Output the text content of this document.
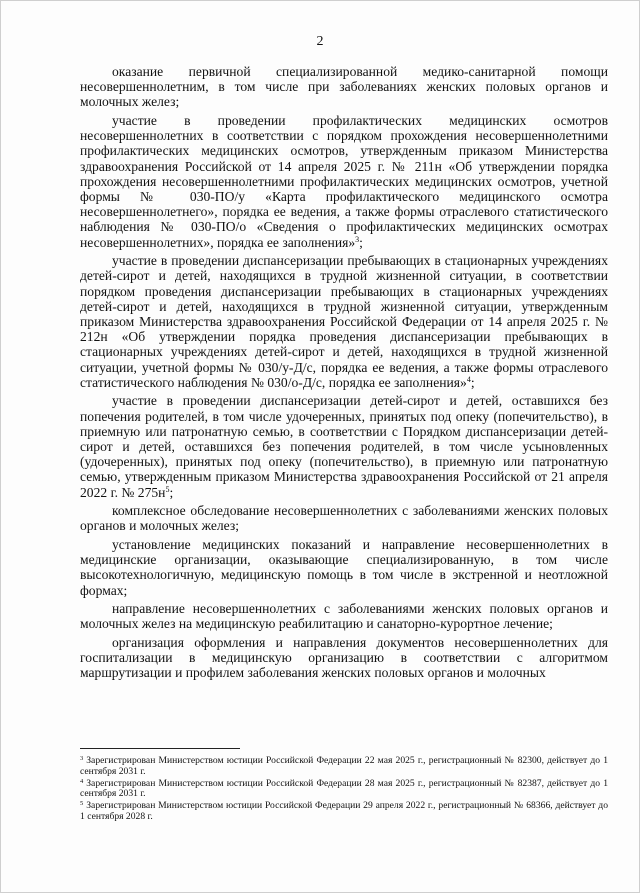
2

оказание первичной специализированной медико-санитарной помощи несовершеннолетним, в том числе при заболеваниях женских половых органов и молочных желез;

участие в проведении профилактических медицинских осмотров несовершеннолетних в соответствии с порядком прохождения несовершеннолетними профилактических медицинских осмотров, утвержденным приказом Министерства здравоохранения Российской от 14 апреля 2025 г. № 211н «Об утверждении порядка прохождения несовершеннолетними профилактических медицинских осмотров, учетной формы № 030-ПО/у «Карта профилактического медицинского осмотра несовершеннолетнего», порядка ее ведения, а также формы отраслевого статистического наблюдения № 030-ПО/о «Сведения о профилактических медицинских осмотрах несовершеннолетних», порядка ее заполнения»$^3$;

участие в проведении диспансеризации пребывающих в стационарных учреждениях детей-сирот и детей, находящихся в трудной жизненной ситуации, в соответствии порядком проведения диспансеризации пребывающих в стационарных учреждениях детей-сирот и детей, находящихся в трудной жизненной ситуации, утвержденным приказом Министерства здравоохранения Российской Федерации от 14 апреля 2025 г. № 212н «Об утверждении порядка проведения диспансеризации пребывающих в стационарных учреждениях детей-сирот и детей, находящихся в трудной жизненной ситуации, учетной формы № 030/у-Д/с, порядка ее ведения, а также формы отраслевого статистического наблюдения № 030/о-Д/с, порядка ее заполнения»$^4$;

участие в проведении диспансеризации детей-сирот и детей, оставшихся без попечения родителей, в том числе удочеренных, принятых под опеку (попечительство), в приемную или патронатную семью, в соответствии с Порядком диспансеризации детей-сирот и детей, оставшихся без попечения родителей, в том числе усыновленных (удочеренных), принятых под опеку (попечительство), в приемную или патронатную семью, утвержденным приказом Министерства здравоохранения Российской от 21 апреля 2022 г. № $275н^5$;

комплексное обследование несовершеннолетних с заболеваниями женских половых органов и молочных желез;

установление медицинских показаний и направление несовершеннолетних в медицинские организации, оказывающие специализированную, в том числе высокотехнологичную, медицинскую помощь в том числе в экстренной и неотложной формах;

направление несовершеннолетних с заболеваниями женских половых органов и молочных желез на медицинскую реабилитацию и санаторно-курортное лечение;

организация оформления и направления документов несовершеннолетних для госпитализации в медицинскую организацию в соответствии с алгоритмом маршрутизации и профилем заболевания женских половых органов и молочных

$^3$ Зарегистрирован Министерством юстиции Российской Федерации 22 мая 2025 г., регистрационный № 82300, действует до 1 сентября 2031 г.

$^4$ Зарегистрирован Министерством юстиции Российской Федерации 28 мая 2025 г., регистрационный № 82387, действует до 1 сентября 2031 г.

$^5$ Зарегистрирован Министерством юстиции Российской Федерации 29 апреля 2022 г., регистрационный № 68366, действует до 1 сентября 2028 г.
